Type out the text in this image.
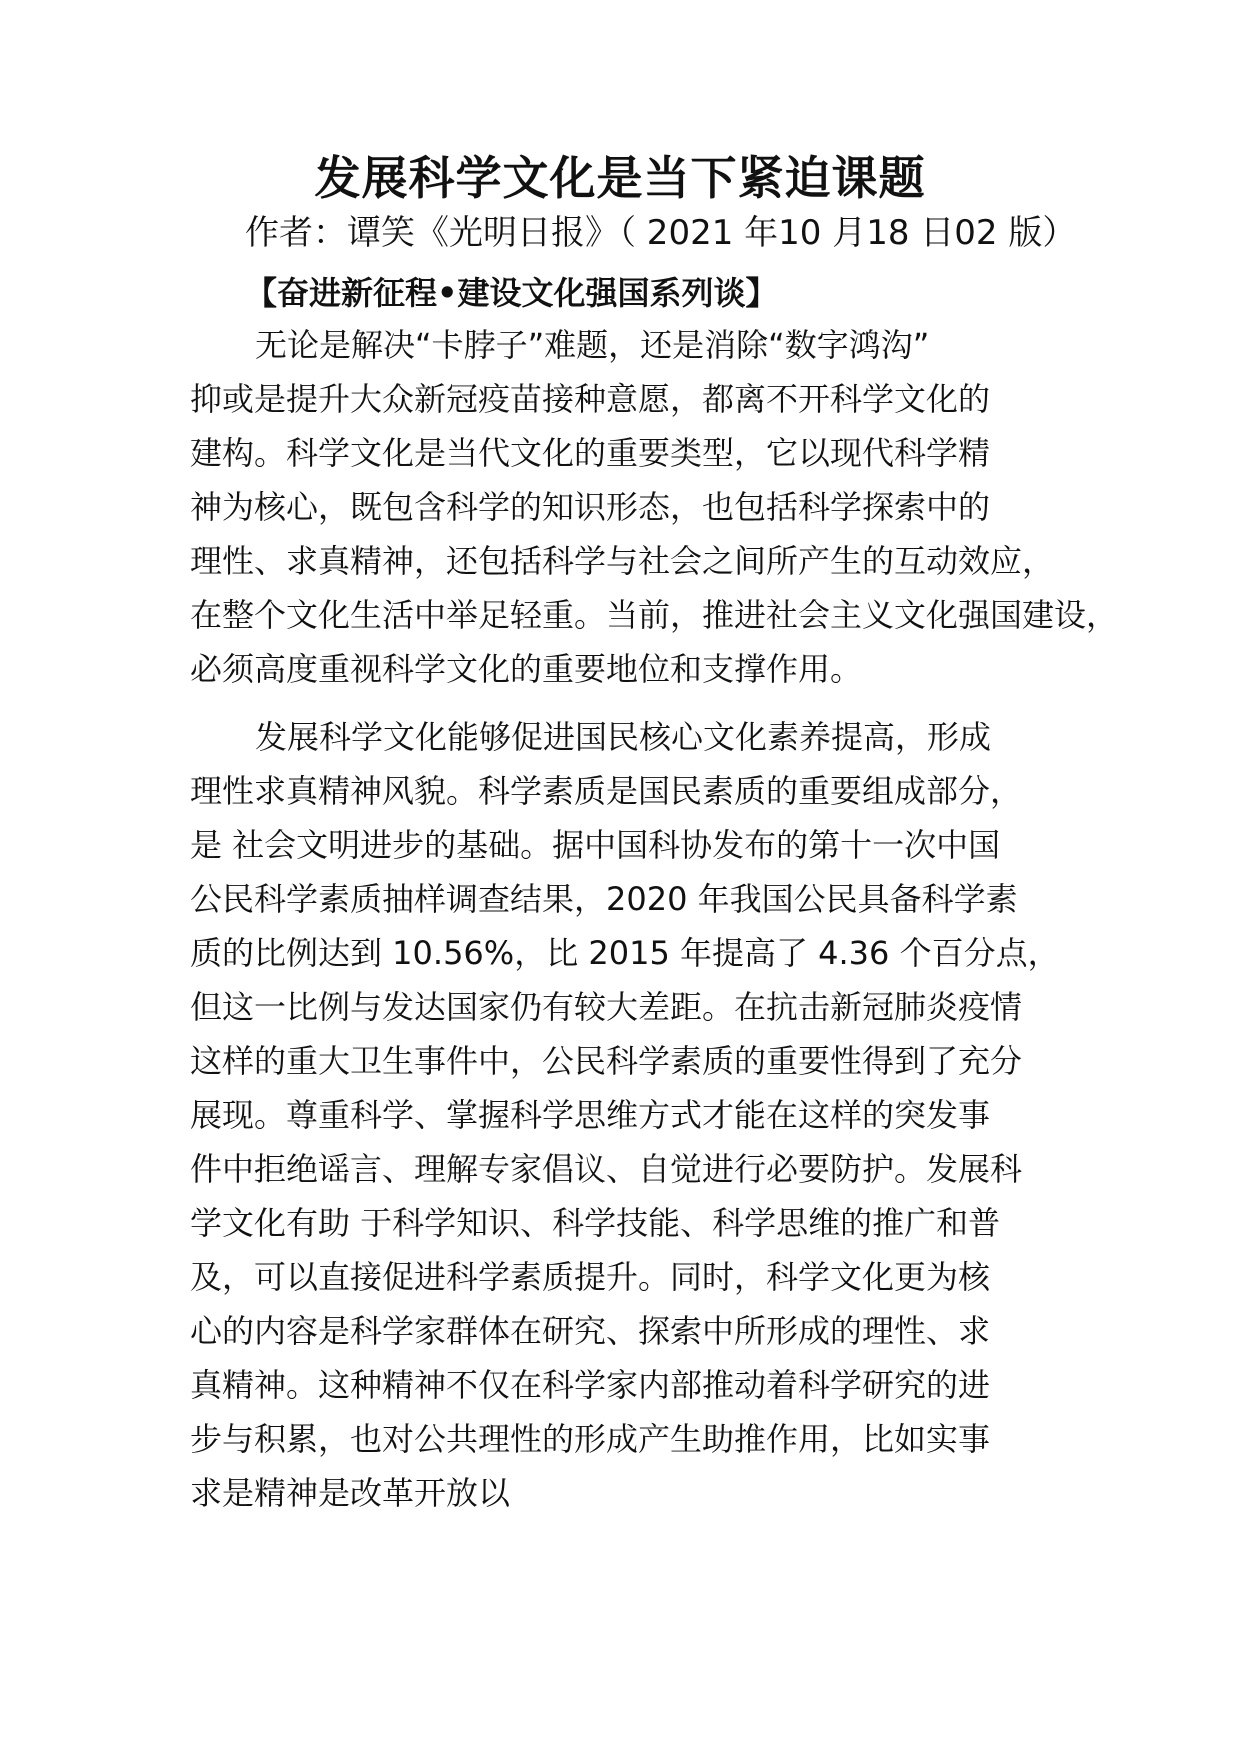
发展科学文化是当下紧迫课题
作者：谭笑《光明日报》（ 2021 年10 月18 日02 版）
【奋进新征程•建设文化强国系列谈】
无论是解决“卡脖子”难题，还是消除“数字鸿沟”
抑或是提升大众新冠疫苗接种意愿，都离不开科学文化的
建构。科学文化是当代文化的重要类型，它以现代科学精
神为核心，既包含科学的知识形态，也包括科学探索中的
理性、求真精神，还包括科学与社会之间所产生的互动效应，
在整个文化生活中举足轻重。当前，推进社会主义文化强国建设，
必须高度重视科学文化的重要地位和支撑作用。
发展科学文化能够促进国民核心文化素养提高，形成
理性求真精神风貌。科学素质是国民素质的重要组成部分，
是 社会文明进步的基础。据中国科协发布的第十一次中国
公民科学素质抽样调查结果，2020 年我国公民具备科学素
质的比例达到 10.56%，比 2015 年提高了 4.36 个百分点，
但这一比例与发达国家仍有较大差距。在抗击新冠肺炎疫情
这样的重大卫生事件中，公民科学素质的重要性得到了充分
展现。尊重科学、掌握科学思维方式才能在这样的突发事
件中拒绝谣言、理解专家倡议、自觉进行必要防护。发展科
学文化有助 于科学知识、科学技能、科学思维的推广和普
及，可以直接促进科学素质提升。同时，科学文化更为核
心的内容是科学家群体在研究、探索中所形成的理性、求
真精神。这种精神不仅在科学家内部推动着科学研究的进
步与积累，也对公共理性的形成产生助推作用，比如实事
求是精神是改革开放以
